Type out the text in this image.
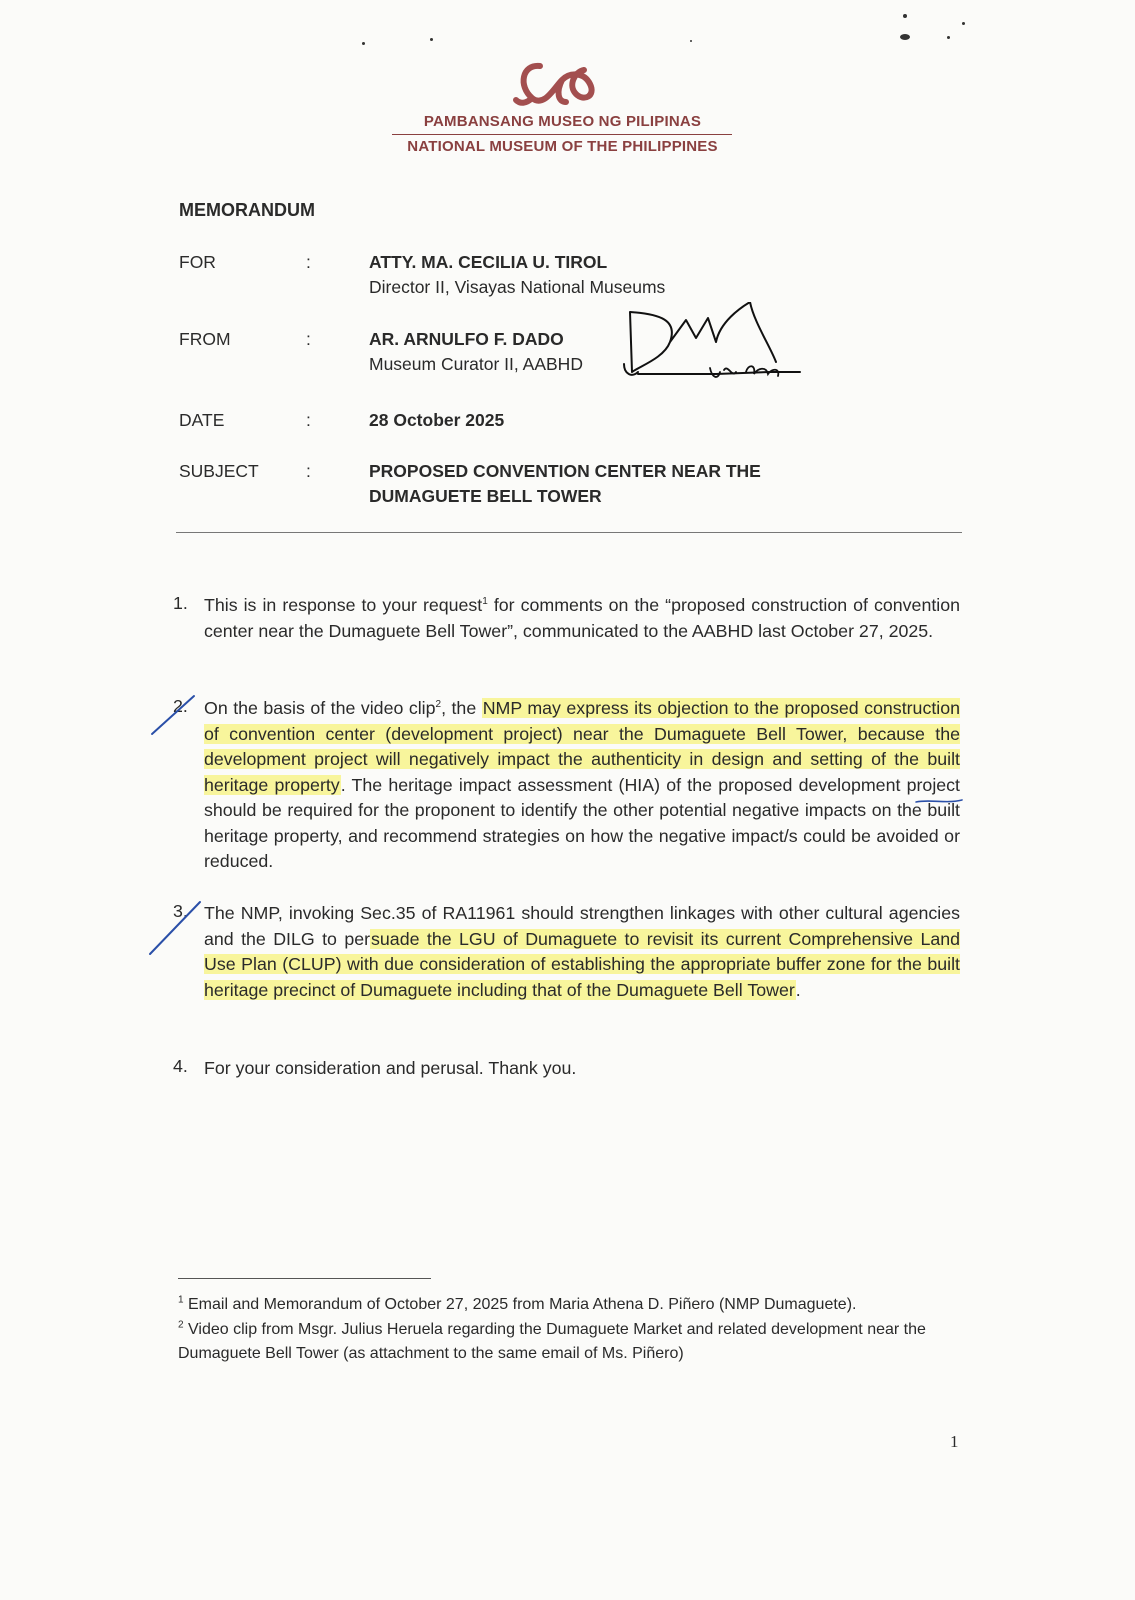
PAMBANSANG MUSEO NG PILIPINAS
NATIONAL MUSEUM OF THE PHILIPPINES
MEMORANDUM
FOR	:	ATTY. MA. CECILIA U. TIROL
Director II, Visayas National Museums
FROM	:	AR. ARNULFO F. DADO
Museum Curator II, AABHD
DATE	:	28 October 2025
SUBJECT	:	PROPOSED CONVENTION CENTER NEAR THE
DUMAGUETE BELL TOWER
1. This is in response to your request$^1$ for comments on the “proposed construction of convention center near the Dumaguete Bell Tower”, communicated to the AABHD last October 27, 2025.
2. On the basis of the video clip$^2$, the NMP may express its objection to the proposed construction of convention center (development project) near the Dumaguete Bell Tower, because the development project will negatively impact the authenticity in design and setting of the built heritage property. The heritage impact assessment (HIA) of the proposed development project should be required for the proponent to identify the other potential negative impacts on the built heritage property, and recommend strategies on how the negative impact/s could be avoided or reduced.
3. The NMP, invoking Sec.35 of RA11961 should strengthen linkages with other cultural agencies and the DILG to persuade the LGU of Dumaguete to revisit its current Comprehensive Land Use Plan (CLUP) with due consideration of establishing the appropriate buffer zone for the built heritage precinct of Dumaguete including that of the Dumaguete Bell Tower.
4. For your consideration and perusal. Thank you.
$^1$ Email and Memorandum of October 27, 2025 from Maria Athena D. Piñero (NMP Dumaguete).
$^2$ Video clip from Msgr. Julius Heruela regarding the Dumaguete Market and related development near the Dumaguete Bell Tower (as attachment to the same email of Ms. Piñero)
1
